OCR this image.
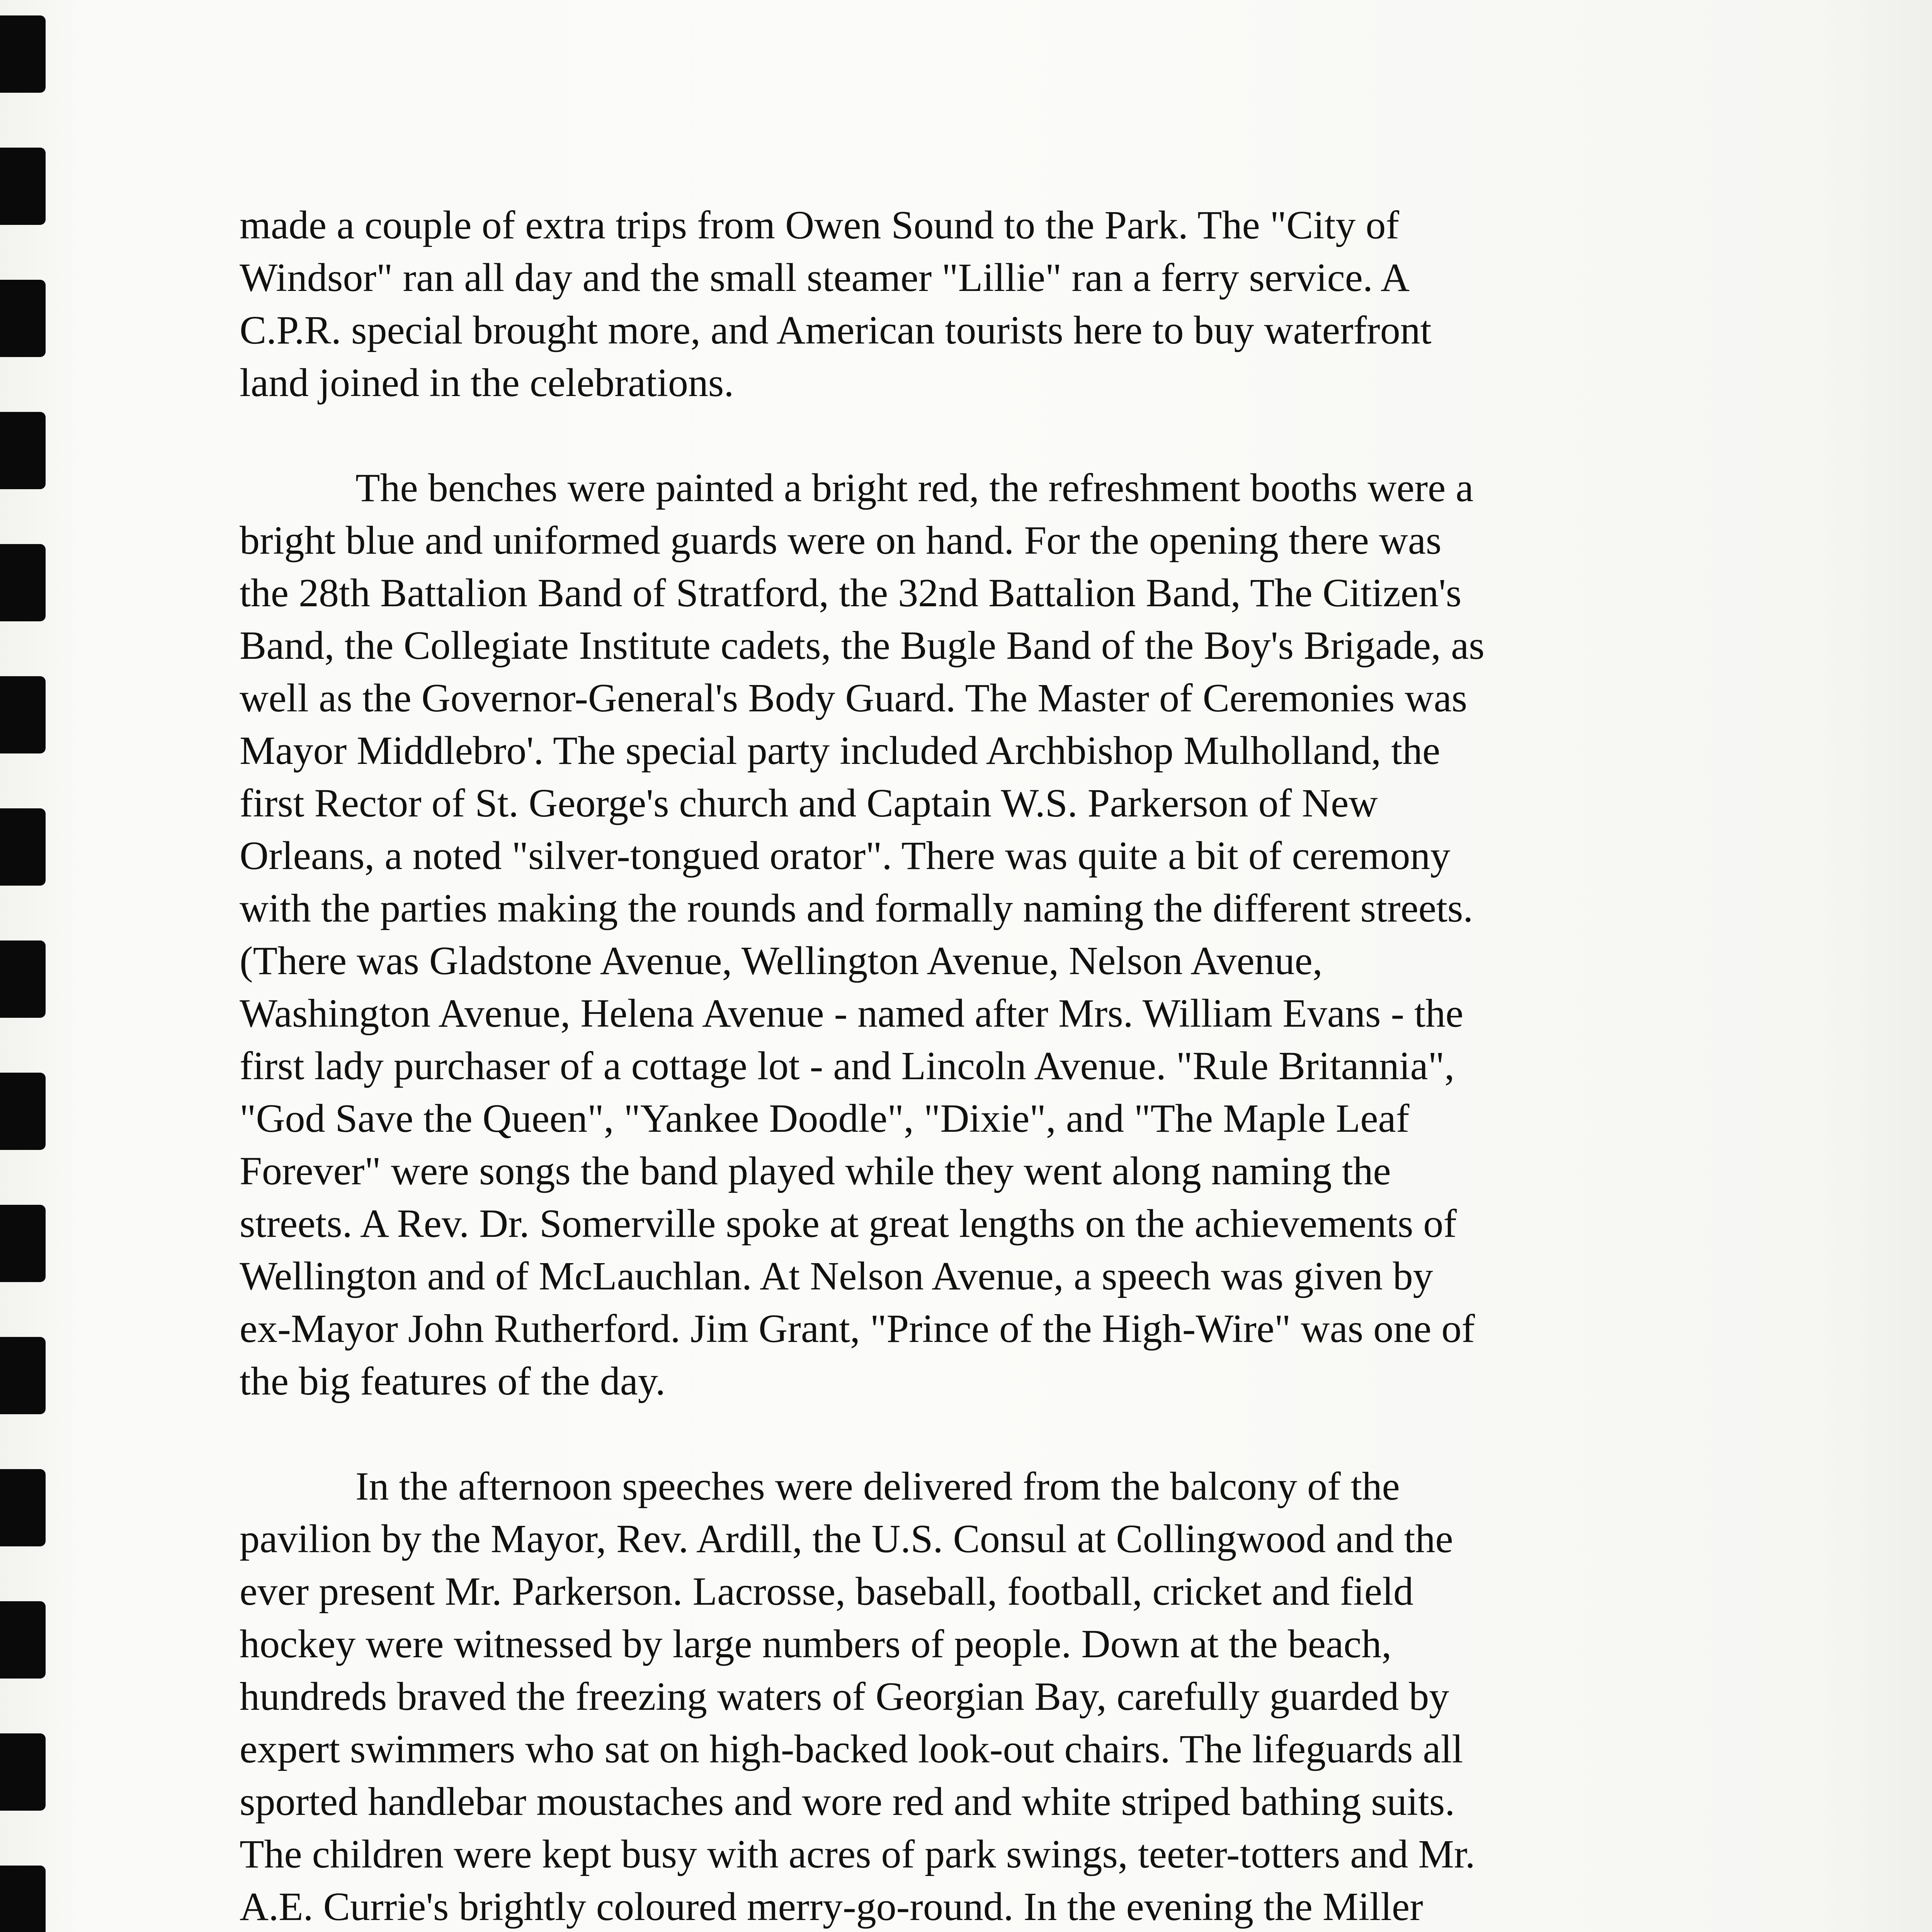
made a couple of extra trips from Owen Sound to the Park. The "City of
Windsor" ran all day and the small steamer "Lillie" ran a ferry service. A
C.P.R. special brought more, and American tourists here to buy waterfront
land joined in the celebrations.
The benches were painted a bright red, the refreshment booths were a
bright blue and uniformed guards were on hand. For the opening there was
the 28th Battalion Band of Stratford, the 32nd Battalion Band, The Citizen's
Band, the Collegiate Institute cadets, the Bugle Band of the Boy's Brigade, as
well as the Governor-General's Body Guard. The Master of Ceremonies was
Mayor Middlebro'. The special party included Archbishop Mulholland, the
first Rector of St. George's church and Captain W.S. Parkerson of New
Orleans, a noted "silver-tongued orator". There was quite a bit of ceremony
with the parties making the rounds and formally naming the different streets.
(There was Gladstone Avenue, Wellington Avenue, Nelson Avenue,
Washington Avenue, Helena Avenue - named after Mrs. William Evans - the
first lady purchaser of a cottage lot - and Lincoln Avenue. "Rule Britannia",
"God Save the Queen", "Yankee Doodle", "Dixie", and "The Maple Leaf
Forever" were songs the band played while they went along naming the
streets. A Rev. Dr. Somerville spoke at great lengths on the achievements of
Wellington and of McLauchlan. At Nelson Avenue, a speech was given by
ex-Mayor John Rutherford. Jim Grant, "Prince of the High-Wire" was one of
the big features of the day.
In the afternoon speeches were delivered from the balcony of the
pavilion by the Mayor, Rev. Ardill, the U.S. Consul at Collingwood and the
ever present Mr. Parkerson. Lacrosse, baseball, football, cricket and field
hockey were witnessed by large numbers of people. Down at the beach,
hundreds braved the freezing waters of Georgian Bay, carefully guarded by
expert swimmers who sat on high-backed look-out chairs. The lifeguards all
sported handlebar moustaches and wore red and white striped bathing suits.
The children were kept busy with acres of park swings, teeter-totters and Mr.
A.E. Currie's brightly coloured merry-go-round. In the evening the Miller
